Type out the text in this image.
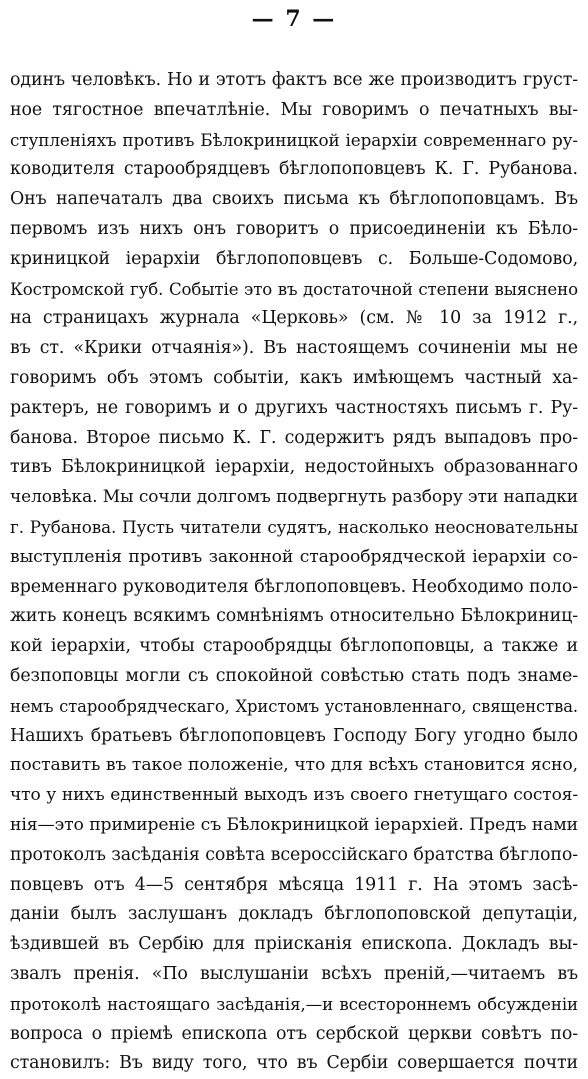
— 7 —
одинъ человѣкъ. Но и этотъ фактъ все же производитъ груст-
ное тягостное впечатлѣніе. Мы говоримъ о печатныхъ вы-
ступленіяхъ противъ Бѣлокриницкой іерархіи современнаго ру-
ководителя старообрядцевъ бѣглопоповцевъ К. Г. Рубанова.
Онъ напечаталъ два своихъ письма къ бѣглопоповцамъ. Въ
первомъ изъ нихъ онъ говоритъ о присоединеніи къ Бѣло-
криницкой іерархіи бѣглопоповцевъ с. Больше-Содомово,
Костромской губ. Событіе это въ достаточной степени выяснено
на страницахъ журнала «Церковь» (см. № 10 за 1912 г.,
въ ст. «Крики отчаянія»). Въ настоящемъ сочиненіи мы не
говоримъ объ этомъ событіи, какъ имѣющемъ частный ха-
рактеръ, не говоримъ и о другихъ частностяхъ письмъ г. Ру-
банова. Второе письмо К. Г. содержитъ рядъ выпадовъ про-
тивъ Бѣлокриницкой іерархіи, недостойныхъ образованнаго
человѣка. Мы сочли долгомъ подвергнуть разбору эти нападки
г. Рубанова. Пусть читатели судятъ, насколько неосновательны
выступленія противъ законной старообрядческой іерархіи со-
временнаго руководителя бѣглопоповцевъ. Необходимо поло-
жить конецъ всякимъ сомнѣніямъ относительно Бѣлокриниц-
кой іерархіи, чтобы старообрядцы бѣглопоповцы, а также и
безпоповцы могли съ спокойной совѣстью стать подъ знаме-
немъ старообрядческаго, Христомъ установленнаго, священства.
Нашихъ братьевъ бѣглопоповцевъ Господу Богу угодно было
поставить въ такое положеніе, что для всѣхъ становится ясно,
что у нихъ единственный выходъ изъ своего гнетущаго состоя-
нія—это примиреніе съ Бѣлокриницкой іерархіей. Предъ нами
протоколъ засѣданія совѣта всероссійскаго братства бѣглопо-
повцевъ отъ 4—5 сентября мѣсяца 1911 г. На этомъ засѣ-
даніи былъ заслушанъ докладъ бѣглопоповской депутаціи,
ѣздившей въ Сербію для прiисканія епископа. Докладъ вы-
звалъ пренія. «По выслушаніи всѣхъ преній,—читаемъ въ
протоколѣ настоящаго засѣданія,—и всестороннемъ обсужденіи
вопроса о пріемѣ епископа отъ сербской церкви совѣтъ по-
становилъ: Въ виду того, что въ Сербіи совершается почти
